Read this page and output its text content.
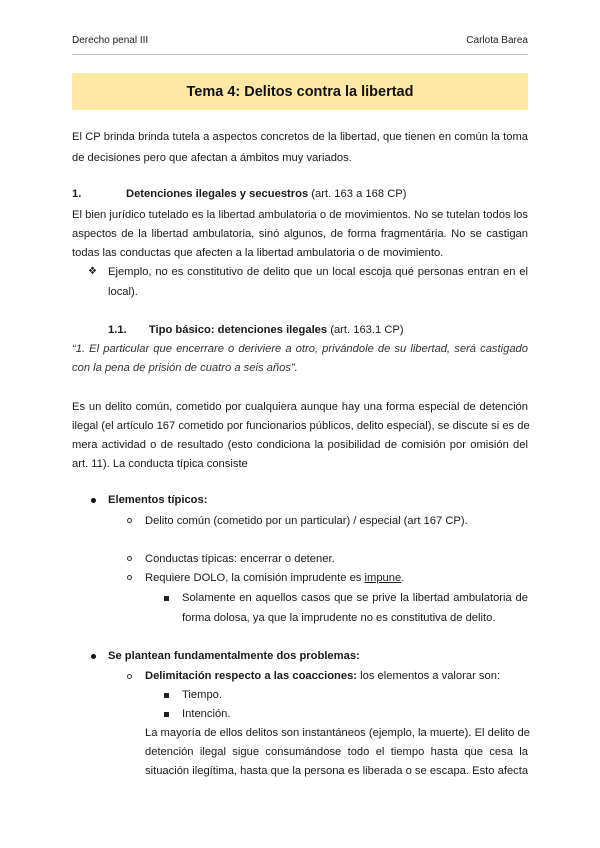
Derecho penal III	Carlota Barea
Tema 4: Delitos contra la libertad
El CP brinda brinda tutela a aspectos concretos de la libertad, que tienen en común la toma
de decisiones pero que afectan a ámbitos muy variados.
1.	Detenciones ilegales y secuestros (art. 163 a 168 CP)
El bien jurídico tutelado es la libertad ambulatoria o de movimientos. No se tutelan todos los
aspectos de la libertad ambulatoria, sinó algunos, de forma fragmentária. No se castigan
todas las conductas que afecten a la libertad ambulatoria o de movimiento.
❖ Ejemplo, no es constitutivo de delito que un local escoja qué personas entran en el
local).
1.1. Tipo básico: detenciones ilegales (art. 163.1 CP)
“1. El particular que encerrare o deriviere a otro, privándole de su libertad, será castigado
con la pena de prisión de cuatro a seis años”.
Es un delito común, cometido por cualquiera aunque hay una forma especial de detención
ilegal (el artículo 167 cometido por funcionarios públicos, delito especial), se discute si es de
mera actividad o de resultado (esto condiciona la posibilidad de comisión por omisión del
art. 11). La conducta típica consiste
Elementos típicos:
Delito común (cometido por un particular) / especial (art 167 CP).
Conductas típicas: encerrar o detener.
Requiere DOLO, la comisión imprudente es impune.
Solamente en aquellos casos que se prive la libertad ambulatoria de
forma dolosa, ya que la imprudente no es constitutiva de delito.
Se plantean fundamentalmente dos problemas:
Delimitación respecto a las coacciones: los elementos a valorar son:
Tiempo.
Intención.
La mayoría de ellos delitos son instantáneos (ejemplo, la muerte). El delito de
detención ilegal sigue consumándose todo el tiempo hasta que cesa la
situación ilegítima, hasta que la persona es liberada o se escapa. Esto afecta
